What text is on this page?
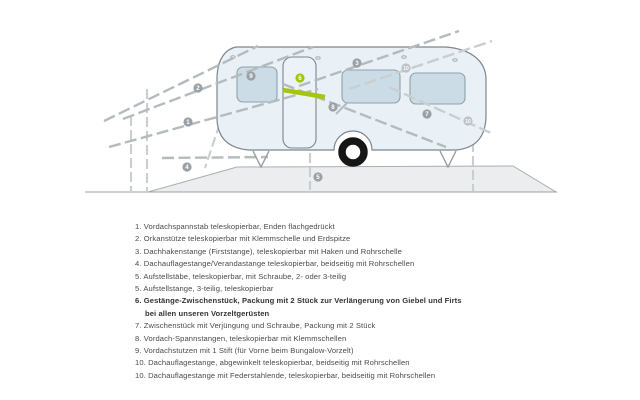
2
1
4
9	6
3
10
8
7
10
5
1. Vordachspannstab teleskopierbar, Enden flachgedrückt
2. Orkanstütze teleskopierbar mit Klemmschelle und Erdspitze
3. Dachhakenstange (Firststange), teleskopierbar mit Haken und Rohrschelle
4. Dachauflagestange/Verandastange teleskopierbar, beidseitig mit Rohrschellen
5. Aufstellstäbe, teleskopierbar, mit Schraube, 2- oder 3-teilig
5. Aufstellstange, 3-teilig, teleskopierbar
6. Gestänge-Zwischenstück, Packung mit 2 Stück zur Verlängerung von Giebel und Firts bei allen unseren Vorzeltgerüsten
7. Zwischenstück mit Verjüngung und Schraube, Packung mit 2 Stück
8. Vordach-Spannstangen, teleskopierbar mit Klemmschellen
9. Vordachstutzen mit 1 Stift (für Vorne beim Bungalow-Vorzelt)
10. Dachauflagestange, abgewinkelt teleskopierbar, beidseitig mit Rohrschellen
10. Dachauflagestange mit Federstahlende, teleskopierbar, beidseitig mit Rohrschellen
